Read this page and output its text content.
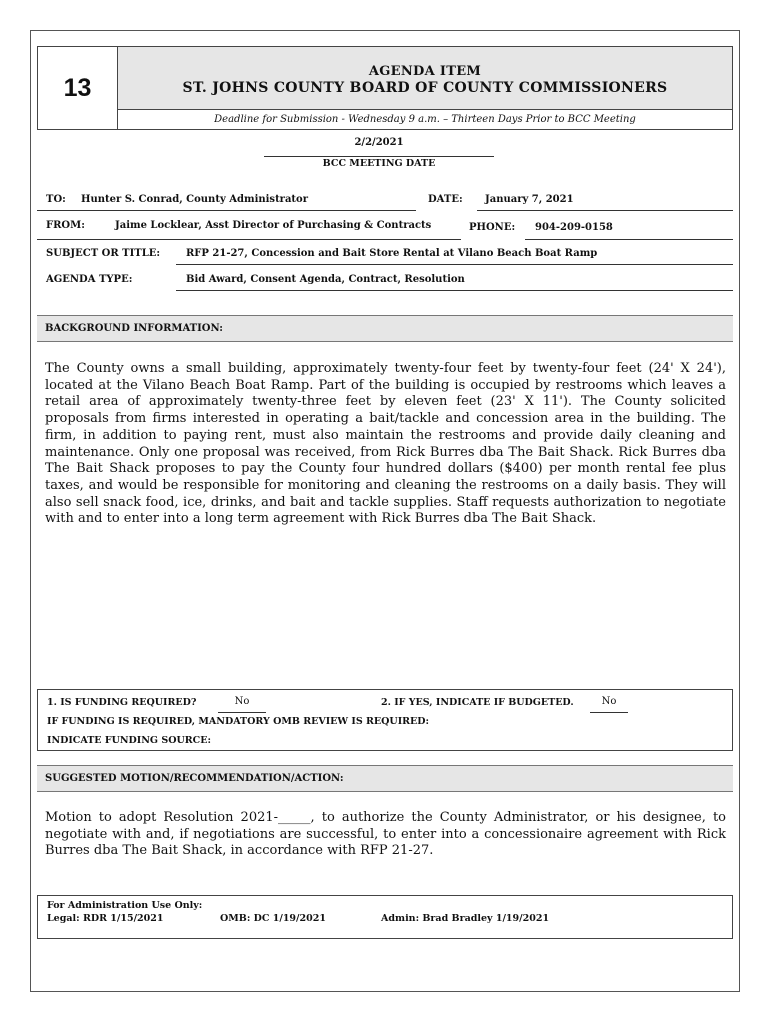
13
AGENDA ITEM
ST. JOHNS COUNTY BOARD OF COUNTY COMMISSIONERS
Deadline for Submission - Wednesday 9 a.m. – Thirteen Days Prior to BCC Meeting
2/2/2021
BCC MEETING DATE
TO: Hunter S. Conrad, County Administrator	DATE: January 7, 2021
FROM:	Jaime Locklear, Asst Director of Purchasing & Contracts	PHONE: 904-209-0158
SUBJECT OR TITLE:	RFP 21-27, Concession and Bait Store Rental at Vilano Beach Boat Ramp
AGENDA TYPE:	Bid Award, Consent Agenda, Contract, Resolution
BACKGROUND INFORMATION:
The County owns a small building, approximately twenty-four feet by twenty-four feet (24' X 24'), located at the Vilano Beach Boat Ramp. Part of the building is occupied by restrooms which leaves a retail area of approximately twenty-three feet by eleven feet (23' X 11'). The County solicited proposals from firms interested in operating a bait/tackle and concession area in the building. The firm, in addition to paying rent, must also maintain the restrooms and provide daily cleaning and maintenance. Only one proposal was received, from Rick Burres dba The Bait Shack. Rick Burres dba The Bait Shack proposes to pay the County four hundred dollars ($400) per month rental fee plus taxes, and would be responsible for monitoring and cleaning the restrooms on a daily basis. They will also sell snack food, ice, drinks, and bait and tackle supplies. Staff requests authorization to negotiate with and to enter into a long term agreement with Rick Burres dba The Bait Shack.
1. IS FUNDING REQUIRED?	No	2. IF YES, INDICATE IF BUDGETED.	No
IF FUNDING IS REQUIRED, MANDATORY OMB REVIEW IS REQUIRED:
INDICATE FUNDING SOURCE:
SUGGESTED MOTION/RECOMMENDATION/ACTION:
Motion to adopt Resolution 2021-_____, to authorize the County Administrator, or his designee, to negotiate with and, if negotiations are successful, to enter into a concessionaire agreement with Rick Burres dba The Bait Shack, in accordance with RFP 21-27.
For Administration Use Only:
Legal: RDR 1/15/2021	OMB: DC 1/19/2021	Admin: Brad Bradley 1/19/2021
